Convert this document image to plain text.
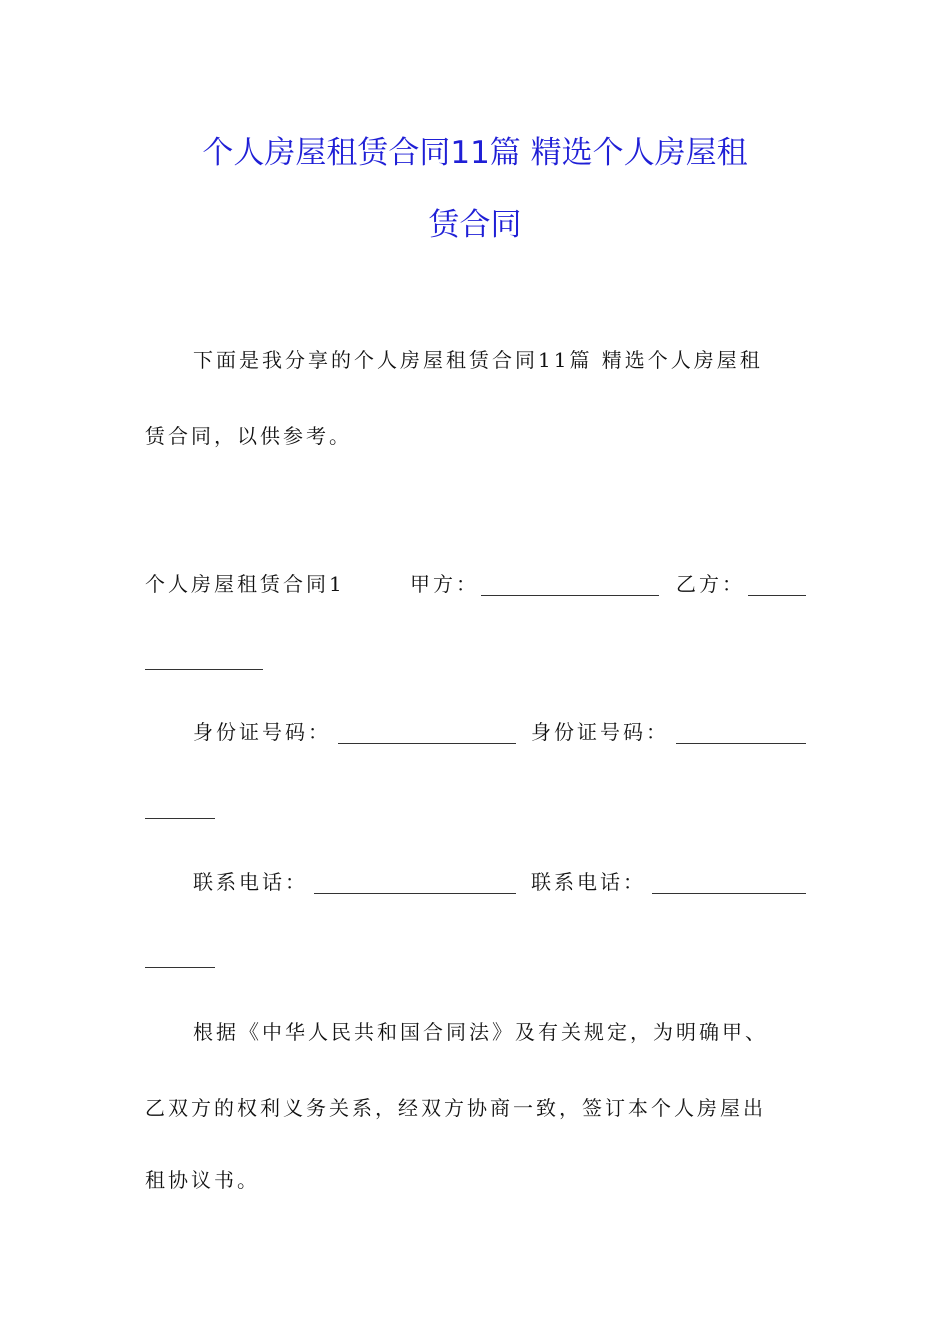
个人房屋租赁合同11篇 精选个人房屋租
赁合同
下面是我分享的个人房屋租赁合同11篇 精选个人房屋租
赁合同，以供参考。
个人房屋租赁合同1	甲方：	乙方：
身份证号码：	身份证号码：
联系电话：	联系电话：
根据《中华人民共和国合同法》及有关规定，为明确甲、
乙双方的权利义务关系，经双方协商一致，签订本个人房屋出
租协议书。
